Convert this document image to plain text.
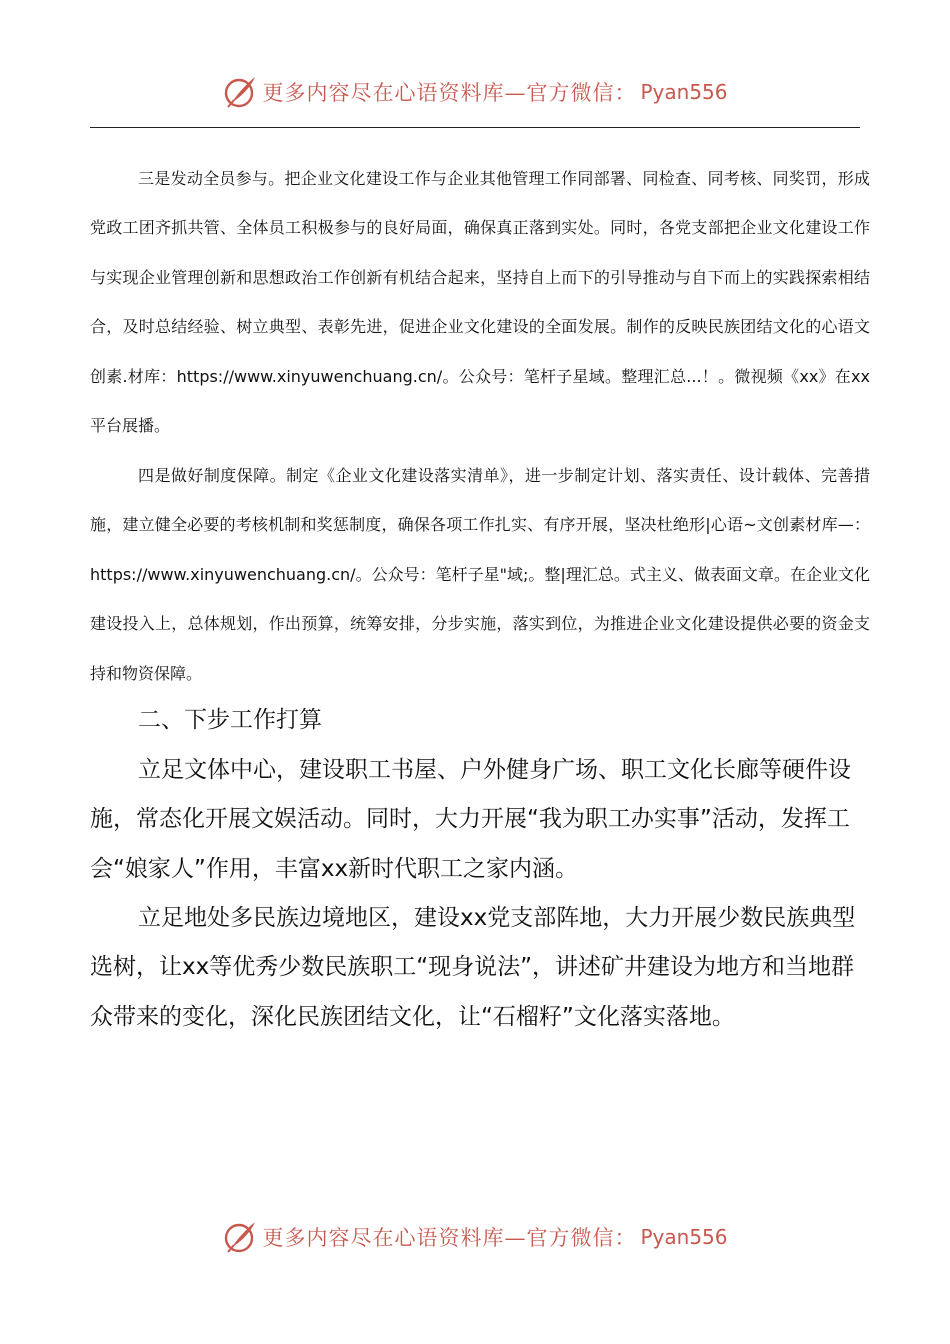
更多内容尽在心语资料库—官方微信： Pyan556

三是发动全员参与。把企业文化建设工作与企业其他管理工作同部署、同检查、同考核、同奖罚，形成党政工团齐抓共管、全体员工积极参与的良好局面，确保真正落到实处。同时，各党支部把企业文化建设工作与实现企业管理创新和思想政治工作创新有机结合起来，坚持自上而下的引导推动与自下而上的实践探索相结合，及时总结经验、树立典型、表彰先进，促进企业文化建设的全面发展。制作的反映民族团结文化的心语文创素.材库：https://www.xinyuwenchuang.cn/。公众号：笔杆子星域。整理汇总...！。微视频《xx》在xx平台展播。

四是做好制度保障。制定《企业文化建设落实清单》，进一步制定计划、落实责任、设计载体、完善措施，建立健全必要的考核机制和奖惩制度，确保各项工作扎实、有序开展，坚决杜绝形|心语~文创素材库—：https://www.xinyuwenchuang.cn/。公众号：笔杆子星"域;。整|理汇总。式主义、做表面文章。在企业文化建设投入上，总体规划，作出预算，统筹安排，分步实施，落实到位，为推进企业文化建设提供必要的资金支持和物资保障。

二、下步工作打算

立足文体中心，建设职工书屋、户外健身广场、职工文化长廊等硬件设施，常态化开展文娱活动。同时，大力开展“我为职工办实事”活动，发挥工会“娘家人”作用，丰富xx新时代职工之家内涵。

立足地处多民族边境地区，建设xx党支部阵地，大力开展少数民族典型选树，让xx等优秀少数民族职工“现身说法”，讲述矿井建设为地方和当地群众带来的变化，深化民族团结文化，让“石榴籽”文化落实落地。

更多内容尽在心语资料库—官方微信： Pyan556
